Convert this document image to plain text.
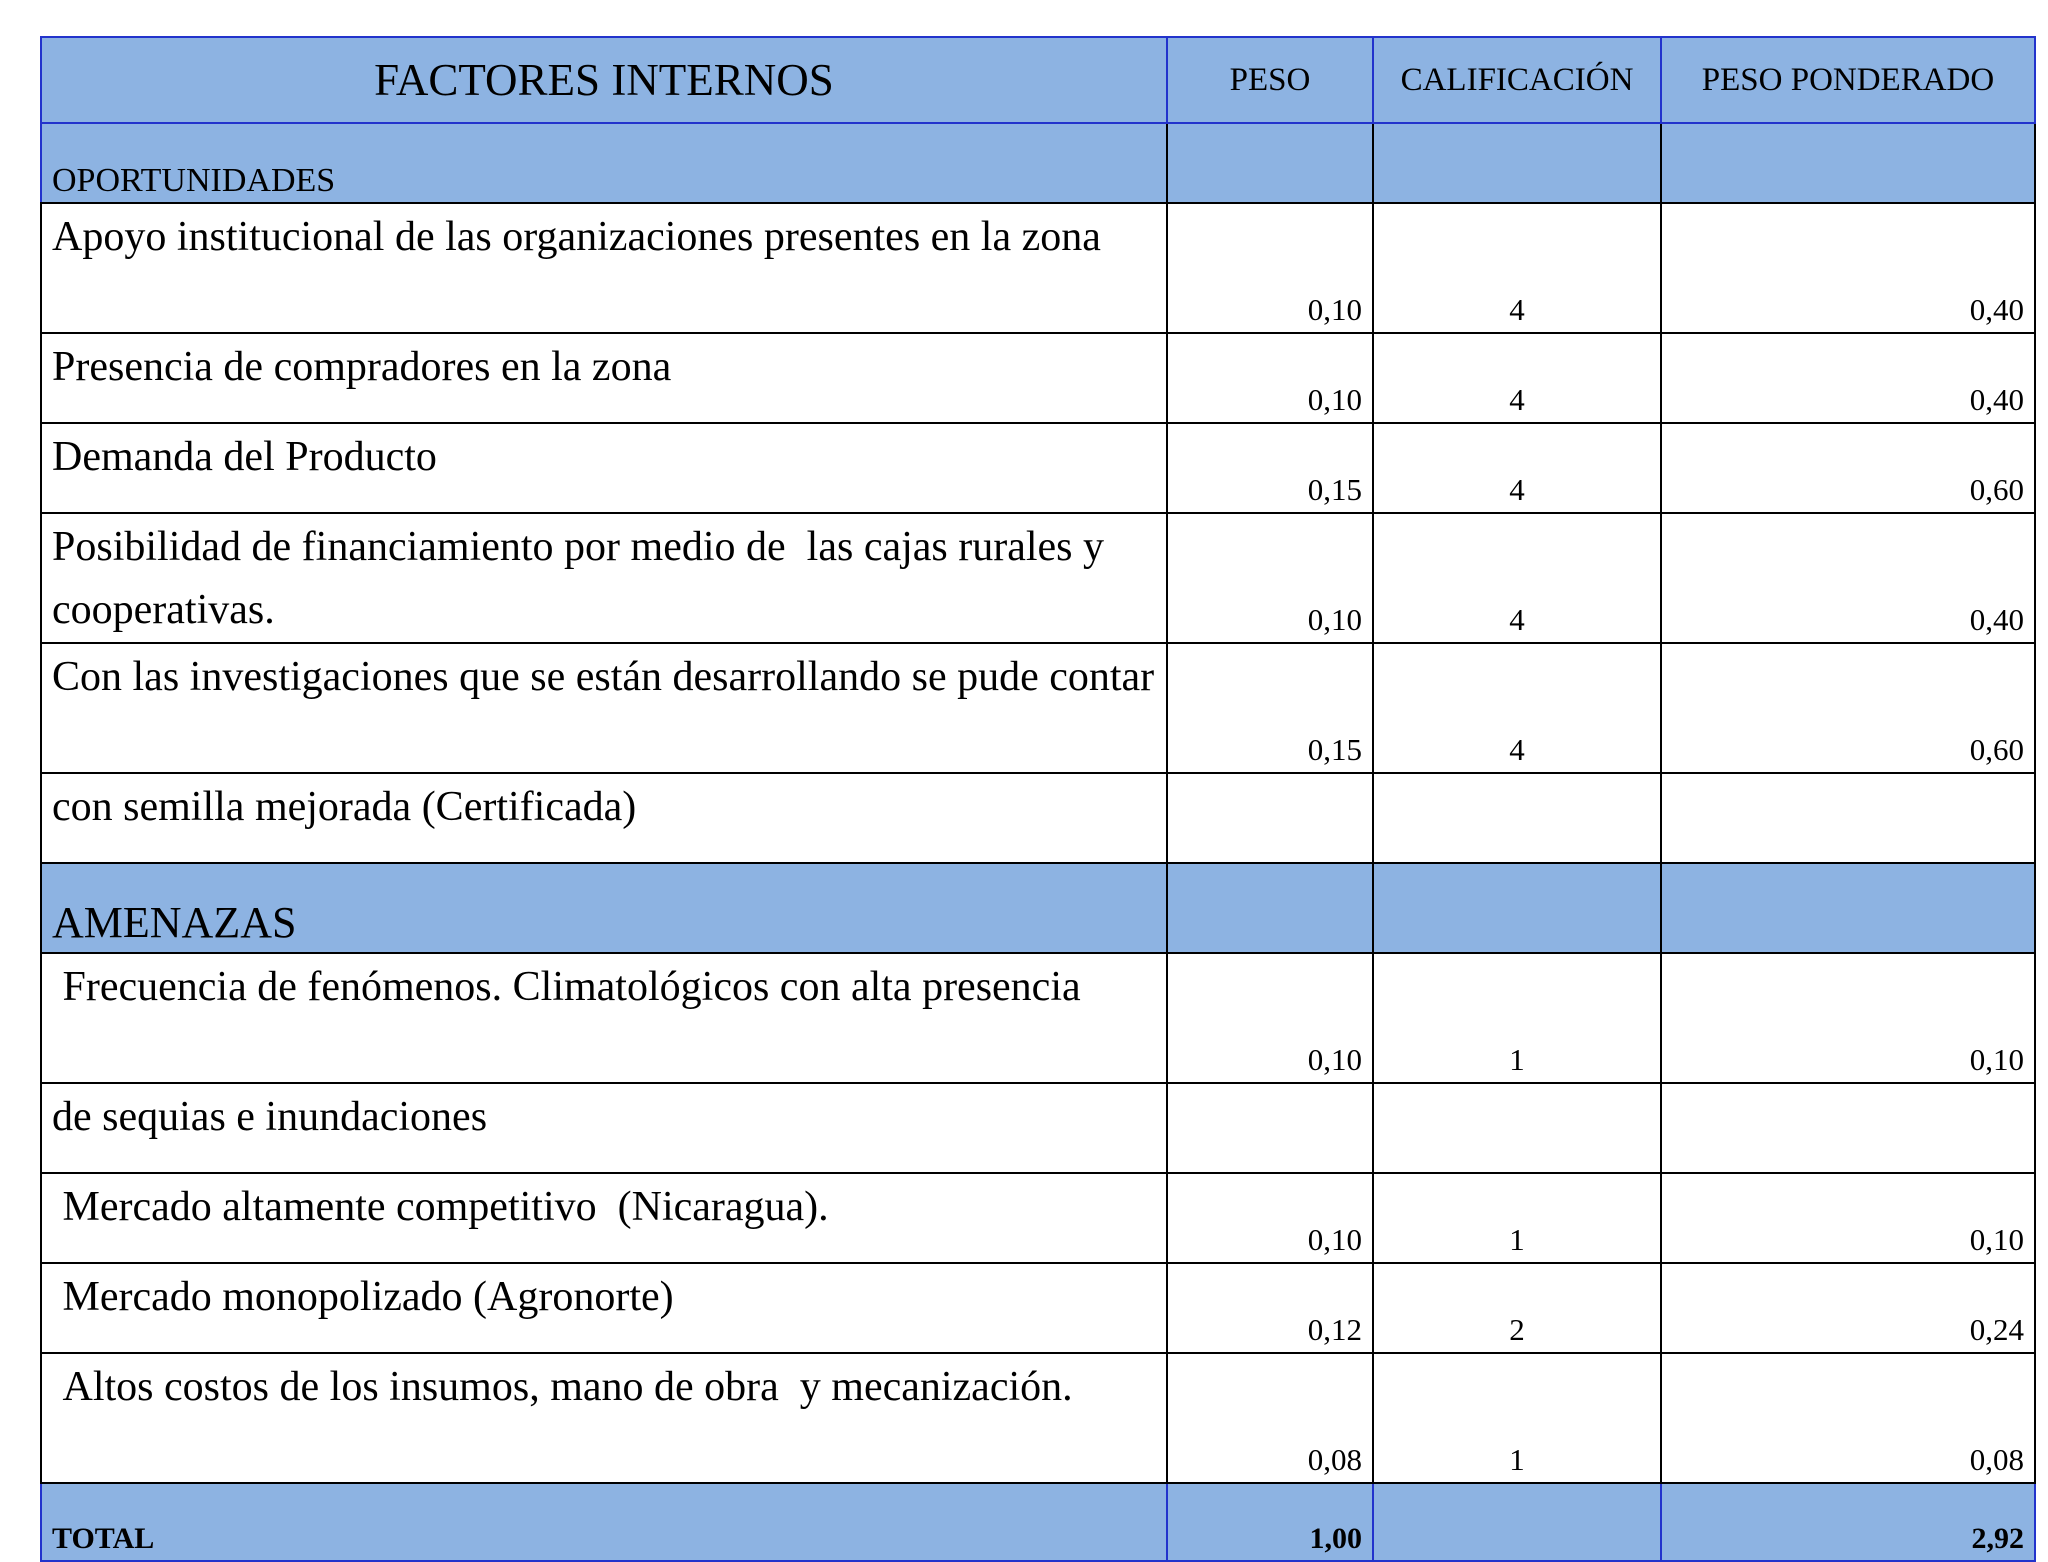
FACTORES INTERNOS	PESO	CALIFICACIÓN	PESO PONDERADO
OPORTUNIDADES			
Apoyo institucional de las organizaciones presentes en la zona	0,10	4	0,40
Presencia de compradores en la zona	0,10	4	0,40
Demanda del Producto	0,15	4	0,60
Posibilidad de financiamiento por medio de  las cajas rurales y cooperativas.	0,10	4	0,40
Con las investigaciones que se están desarrollando se pude contar	0,15	4	0,60
con semilla mejorada (Certificada)			
AMENAZAS			
Frecuencia de fenómenos. Climatológicos con alta presencia	0,10	1	0,10
de sequias e inundaciones			
Mercado altamente competitivo  (Nicaragua).	0,10	1	0,10
Mercado monopolizado (Agronorte)	0,12	2	0,24
Altos costos de los insumos, mano de obra  y mecanización.	0,08	1	0,08
TOTAL	1,00		2,92
